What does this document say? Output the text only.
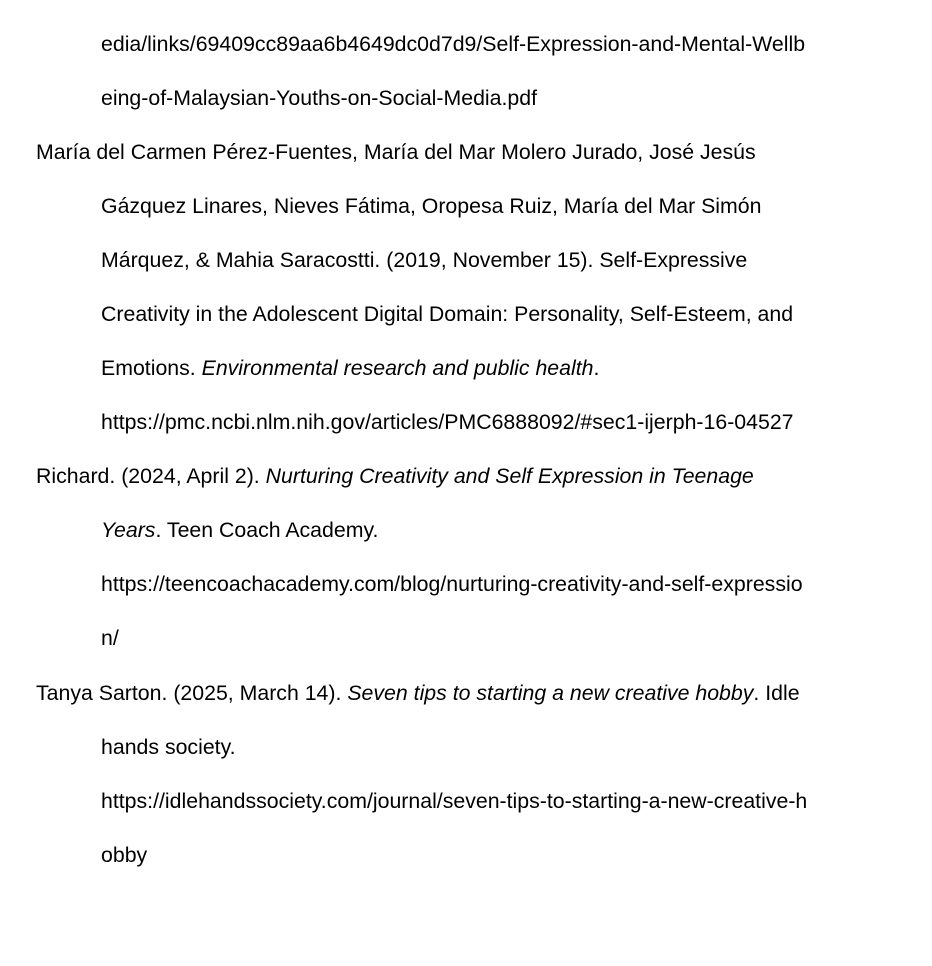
edia/links/69409cc89aa6b4649dc0d7d9/Self-Expression-and-Mental-Wellb
eing-of-Malaysian-Youths-on-Social-Media.pdf
María del Carmen Pérez-Fuentes, María del Mar Molero Jurado, José Jesús
Gázquez Linares, Nieves Fátima, Oropesa Ruiz, María del Mar Simón
Márquez, & Mahia Saracostti. (2019, November 15). Self-Expressive
Creativity in the Adolescent Digital Domain: Personality, Self-Esteem, and
Emotions. Environmental research and public health.
https://pmc.ncbi.nlm.nih.gov/articles/PMC6888092/#sec1-ijerph-16-04527
Richard. (2024, April 2). Nurturing Creativity and Self Expression in Teenage
Years. Teen Coach Academy.
https://teencoachacademy.com/blog/nurturing-creativity-and-self-expressio
n/
Tanya Sarton. (2025, March 14). Seven tips to starting a new creative hobby. Idle
hands society.
https://idlehandssociety.com/journal/seven-tips-to-starting-a-new-creative-h
obby
